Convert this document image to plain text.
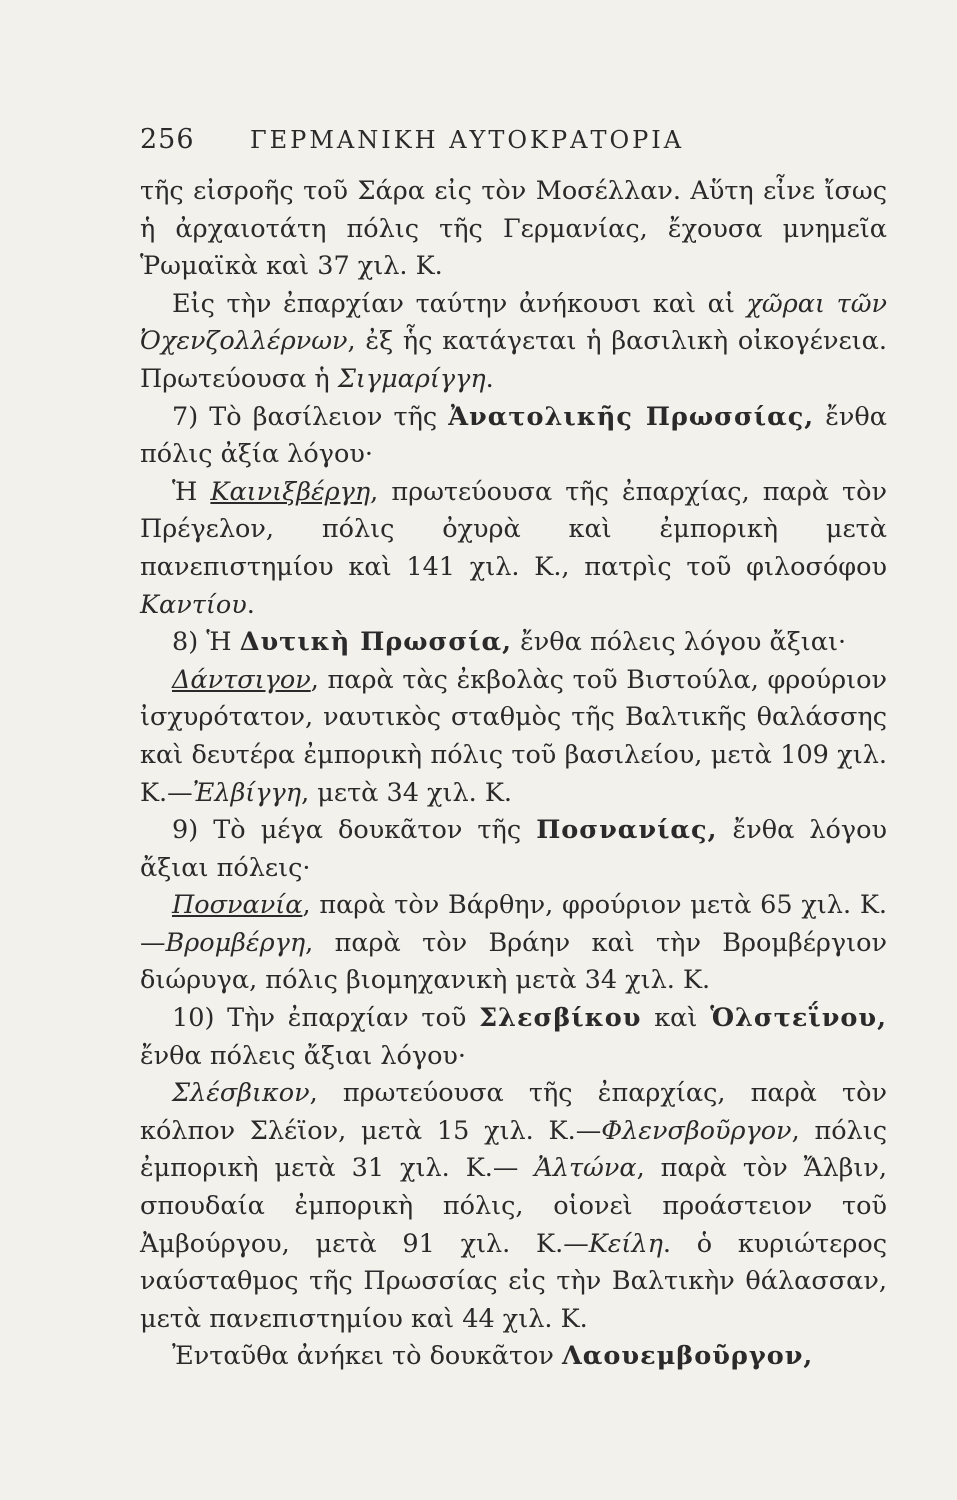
256	ΓΕΡΜΑΝΙΚΗ ΑΥΤΟΚΡΑΤΟΡΙΑ

τῆς εἰσροῆς τοῦ Σάρα εἰς τὸν Μοσέλλαν. Αὕτη εἶνε ἴσως ἡ ἀρχαιοτάτη πόλις τῆς Γερμανίας, ἔχουσα μνημεῖα Ῥωμαϊκὰ καὶ 37 χιλ. Κ.

Εἰς τὴν ἐπαρχίαν ταύτην ἀνήκουσι καὶ αἱ χῶραι τῶν Ὀχενζολλέρνων, ἐξ ἧς κατάγεται ἡ βασιλικὴ οἰκογένεια. Πρωτεύουσα ἡ Σιγμαρίγγη.

7) Τὸ βασίλειον τῆς Ἀνατολικῆς Πρωσσίας, ἔνθα πόλις ἀξία λόγου·

Ἡ Καινιξβέργη, πρωτεύουσα τῆς ἐπαρχίας, παρὰ τὸν Πρέγελον, πόλις ὀχυρὰ καὶ ἐμπορικὴ μετὰ πανεπιστημίου καὶ 141 χιλ. Κ., πατρὶς τοῦ φιλοσόφου Καντίου.

8) Ἡ Δυτικὴ Πρωσσία, ἔνθα πόλεις λόγου ἄξιαι·

Δάντσιγον, παρὰ τὰς ἐκβολὰς τοῦ Βιστούλα, φρούριον ἰσχυρότατον, ναυτικὸς σταθμὸς τῆς Βαλτικῆς θαλάσσης καὶ δευτέρα ἐμπορικὴ πόλις τοῦ βασιλείου, μετὰ 109 χιλ. Κ.—Ἐλβίγγη, μετὰ 34 χιλ. Κ.

9) Τὸ μέγα δουκᾶτον τῆς Ποσνανίας, ἔνθα λόγου ἄξιαι πόλεις·

Ποσνανία, παρὰ τὸν Βάρθην, φρούριον μετὰ 65 χιλ. Κ.—Βρομβέργη, παρὰ τὸν Βράην καὶ τὴν Βρομβέργιον διώρυγα, πόλις βιομηχανικὴ μετὰ 34 χιλ. Κ.

10) Τὴν ἐπαρχίαν τοῦ Σλεσβίκου καὶ Ὁλστεΐνου, ἔνθα πόλεις ἄξιαι λόγου·

Σλέσβικον, πρωτεύουσα τῆς ἐπαρχίας, παρὰ τὸν κόλπον Σλέϊον, μετὰ 15 χιλ. Κ.—Φλενσβοῦργον, πόλις ἐμπορικὴ μετὰ 31 χιλ. Κ.— Ἀλτώνα, παρὰ τὸν Ἄλβιν, σπουδαία ἐμπορικὴ πόλις, οἱονεὶ προάστειον τοῦ Ἀμβούργου, μετὰ 91 χιλ. Κ.—Κείλη. ὁ κυριώτερος ναύσταθμος τῆς Πρωσσίας εἰς τὴν Βαλτικὴν θάλασσαν, μετὰ πανεπιστημίου καὶ 44 χιλ. Κ.

Ἐνταῦθα ἀνήκει τὸ δουκᾶτον Λαουεμβοῦργον,
